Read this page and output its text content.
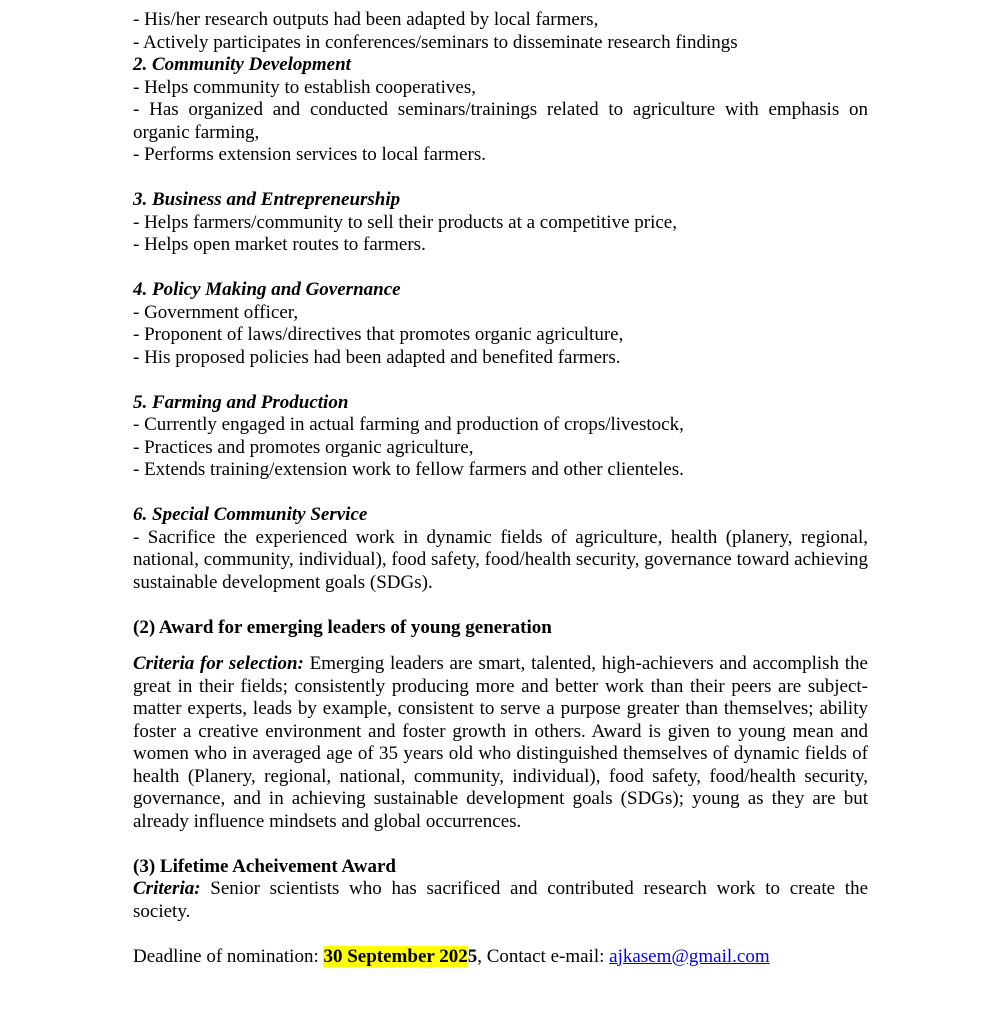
- His/her research outputs had been adapted by local farmers,
- Actively participates in conferences/seminars to disseminate research findings
2. Community Development
- Helps community to establish cooperatives,
- Has organized and conducted seminars/trainings related to agriculture with emphasis on organic farming,
- Performs extension services to local farmers.
3. Business and Entrepreneurship
- Helps farmers/community to sell their products at a competitive price,
- Helps open market routes to farmers.
4. Policy Making and Governance
- Government officer,
- Proponent of laws/directives that promotes organic agriculture,
- His proposed policies had been adapted and benefited farmers.
5. Farming and Production
- Currently engaged in actual farming and production of crops/livestock,
- Practices and promotes organic agriculture,
- Extends training/extension work to fellow farmers and other clienteles.
6. Special Community Service
- Sacrifice the experienced work in dynamic fields of agriculture, health (planery, regional, national, community, individual), food safety, food/health security, governance toward achieving sustainable development goals (SDGs).
(2) Award for emerging leaders of young generation
Criteria for selection: Emerging leaders are smart, talented, high-achievers and accomplish the great in their fields; consistently producing more and better work than their peers are subject- matter experts, leads by example, consistent to serve a purpose greater than themselves; ability foster a creative environment and foster growth in others. Award is given to young mean and women who in averaged age of 35 years old who distinguished themselves of dynamic fields of health (Planery, regional, national, community, individual), food safety, food/health security, governance, and in achieving sustainable development goals (SDGs); young as they are but already influence mindsets and global occurrences.
(3) Lifetime Acheivement Award
Criteria: Senior scientists who has sacrificed and contributed research work to create the society.
Deadline of nomination: 30 September 2025, Contact e-mail: ajkasem@gmail.com
